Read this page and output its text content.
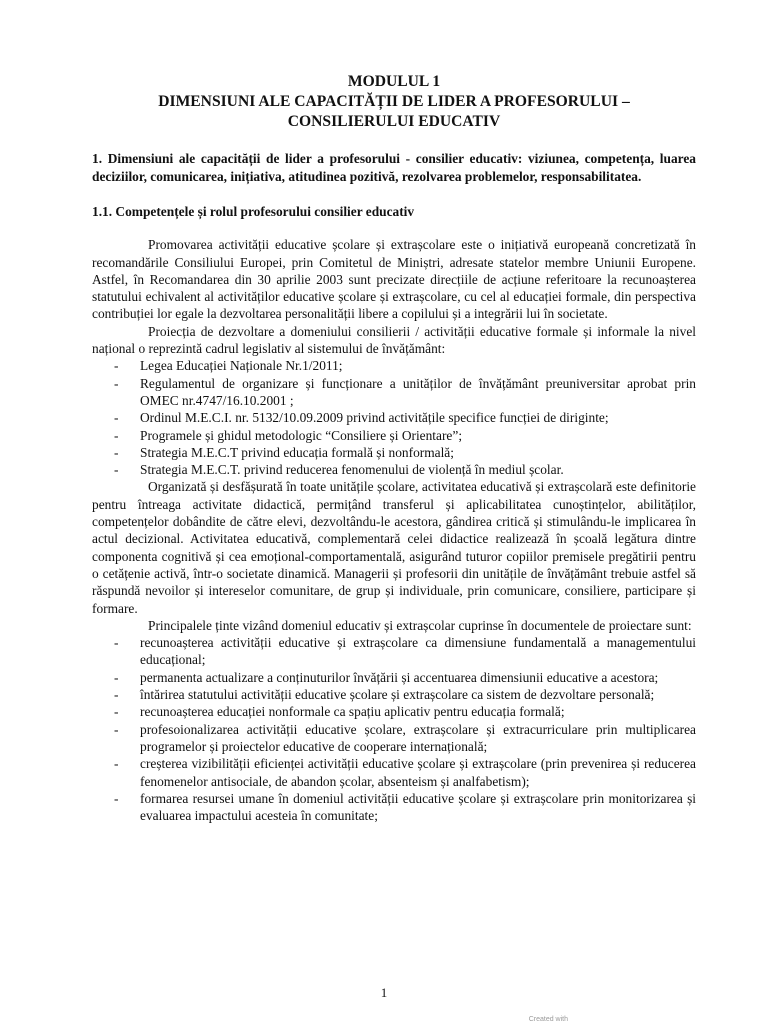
MODULUL 1
DIMENSIUNI ALE CAPACITĂȚII DE LIDER A PROFESORULUI –
CONSILIERULUI EDUCATIV
1. Dimensiuni ale capacității de lider a profesorului - consilier educativ: viziunea, competența, luarea deciziilor, comunicarea, inițiativa, atitudinea pozitivă, rezolvarea problemelor, responsabilitatea.
1.1. Competențele și rolul profesorului consilier educativ

Promovarea activității educative școlare și extrașcolare este o inițiativă europeană concretizată în recomandările Consiliului Europei, prin Comitetul de Miniștri, adresate statelor membre Uniunii Europene. Astfel, în Recomandarea din 30 aprilie 2003 sunt precizate direcțiile de acțiune referitoare la recunoașterea statutului echivalent al activităților educative școlare și extrașcolare, cu cel al educației formale, din perspectiva contribuției lor egale la dezvoltarea personalității libere a copilului și a integrării lui în societate.

Proiecția de dezvoltare a domeniului consilierii / activității educative formale și informale la nivel național o reprezintă cadrul legislativ al sistemului de învățământ:

- Legea Educației Naționale Nr.1/2011;
- Regulamentul de organizare și funcționare a unităților de învățământ preuniversitar aprobat prin OMEC nr.4747/16.10.2001 ;
- Ordinul M.E.C.I. nr. 5132/10.09.2009 privind activitățile specifice funcției de diriginte;
- Programele și ghidul metodologic “Consiliere și Orientare”;
- Strategia M.E.C.T privind educația formală și nonformală;
- Strategia M.E.C.T. privind reducerea fenomenului de violență în mediul școlar.

Organizată și desfășurată în toate unitățile școlare, activitatea educativă și extrașcolară este definitorie pentru întreaga activitate didactică, permițând transferul și aplicabilitatea cunoștințelor, abilităților, competențelor dobândite de către elevi, dezvoltându-le acestora, gândirea critică și stimulându-le implicarea în actul decizional. Activitatea educativă, complementară celei didactice realizează în școală legătura dintre componenta cognitivă și cea emoțional-comportamentală, asigurând tuturor copiilor premisele pregătirii pentru o cetățenie activă, într-o societate dinamică. Managerii și profesorii din unitățile de învățământ trebuie astfel să răspundă nevoilor și intereselor comunitare, de grup și individuale, prin comunicare, consiliere, participare și formare.

Principalele ținte vizând domeniul educativ și extrașcolar cuprinse în documentele de proiectare sunt:

- recunoașterea activității educative și extrașcolare ca dimensiune fundamentală a managementului educațional;
- permanenta actualizare a conținuturilor învățării și accentuarea dimensiunii educative a acestora;
- întărirea statutului activității educative școlare și extrașcolare ca sistem de dezvoltare personală;
- recunoașterea educației nonformale ca spațiu aplicativ pentru educația formală;
- profesoionalizarea activității educative școlare, extrașcolare și extracurriculare prin multiplicarea programelor și proiectelor educative de cooperare internațională;
- creșterea vizibilității eficienței activității educative școlare și extrașcolare (prin prevenirea și reducerea fenomenelor antisociale, de abandon școlar, absenteism și analfabetism);
- formarea resursei umane în domeniul activității educative școlare și extrașcolare prin monitorizarea și evaluarea impactului acesteia în comunitate;
1
Created with
